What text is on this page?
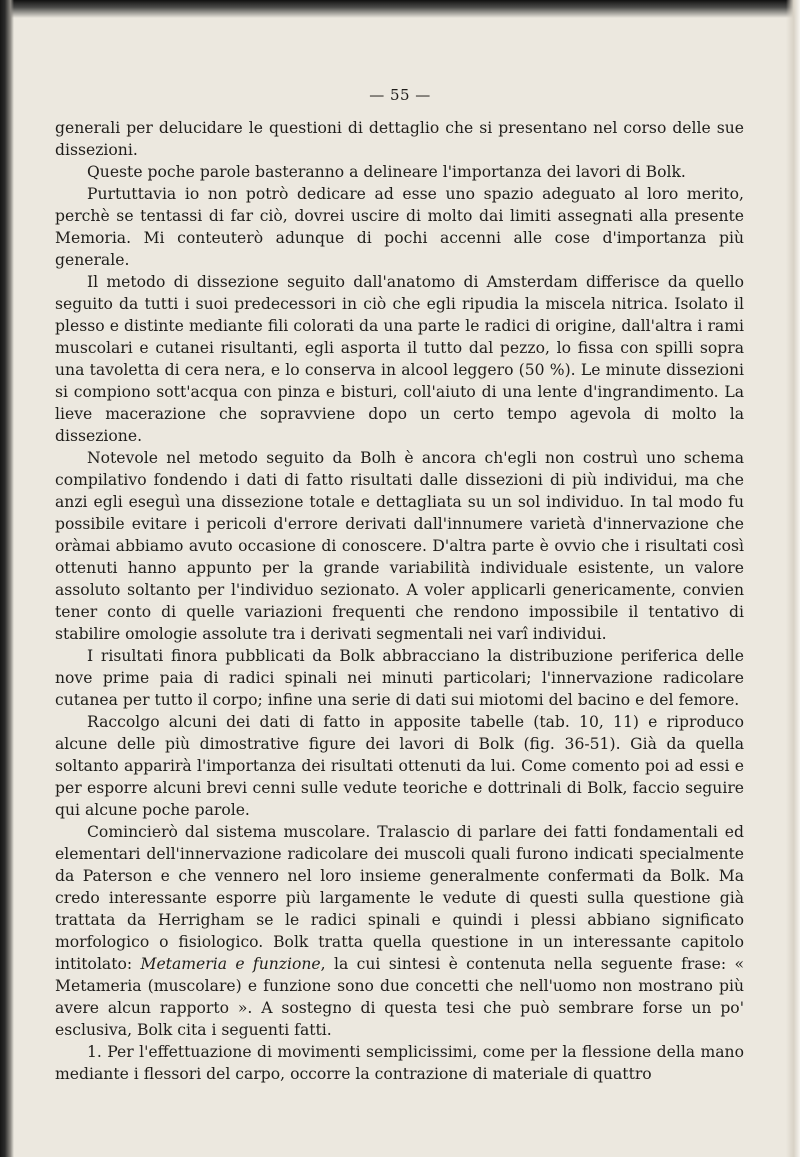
— 55 —

generali per delucidare le questioni di dettaglio che si presentano nel corso delle sue dissezioni.

Queste poche parole basteranno a delineare l'importanza dei lavori di Bolk.

Purtuttavia io non potrò dedicare ad esse uno spazio adeguato al loro merito, perchè se tentassi di far ciò, dovrei uscire di molto dai limiti assegnati alla presente Memoria. Mi conteuterò adunque di pochi accenni alle cose d'importanza più generale.

Il metodo di dissezione seguito dall'anatomo di Amsterdam differisce da quello seguito da tutti i suoi predecessori in ciò che egli ripudia la miscela nitrica. Isolato il plesso e distinte mediante fili colorati da una parte le radici di origine, dall'altra i rami muscolari e cutanei risultanti, egli asporta il tutto dal pezzo, lo fissa con spilli sopra una tavoletta di cera nera, e lo conserva in alcool leggero (50 %). Le minute dissezioni si compiono sott'acqua con pinza e bisturi, coll'aiuto di una lente d'ingrandimento. La lieve macerazione che sopravviene dopo un certo tempo agevola di molto la dissezione.

Notevole nel metodo seguito da Bolh è ancora ch'egli non costruì uno schema compilativo fondendo i dati di fatto risultati dalle dissezioni di più individui, ma che anzi egli eseguì una dissezione totale e dettagliata su un sol individuo. In tal modo fu possibile evitare i pericoli d'errore derivati dall'innumere varietà d'innervazione che oràmai abbiamo avuto occasione di conoscere. D'altra parte è ovvio che i risultati così ottenuti hanno appunto per la grande variabilità individuale esistente, un valore assoluto soltanto per l'individuo sezionato. A voler applicarli genericamente, convien tener conto di quelle variazioni frequenti che rendono impossibile il tentativo di stabilire omologie assolute tra i derivati segmentali nei varî individui.

I risultati finora pubblicati da Bolk abbracciano la distribuzione periferica delle nove prime paia di radici spinali nei minuti particolari; l'innervazione radicolare cutanea per tutto il corpo; infine una serie di dati sui miotomi del bacino e del femore.

Raccolgo alcuni dei dati di fatto in apposite tabelle (tab. 10, 11) e riproduco alcune delle più dimostrative figure dei lavori di Bolk (fig. 36-51). Già da quella soltanto apparirà l'importanza dei risultati ottenuti da lui. Come comento poi ad essi e per esporre alcuni brevi cenni sulle vedute teoriche e dottrinali di Bolk, faccio seguire qui alcune poche parole.

Comincierò dal sistema muscolare. Tralascio di parlare dei fatti fondamentali ed elementari dell'innervazione radicolare dei muscoli quali furono indicati specialmente da Paterson e che vennero nel loro insieme generalmente confermati da Bolk. Ma credo interessante esporre più largamente le vedute di questi sulla questione già trattata da Herrigham se le radici spinali e quindi i plessi abbiano significato morfologico o fisiologico. Bolk tratta quella questione in un interessante capitolo intitolato: Metameria e funzione, la cui sintesi è contenuta nella seguente frase: « Metameria (muscolare) e funzione sono due concetti che nell'uomo non mostrano più avere alcun rapporto ». A sostegno di questa tesi che può sembrare forse un po' esclusiva, Bolk cita i seguenti fatti.

1. Per l'effettuazione di movimenti semplicissimi, come per la flessione della mano mediante i flessori del carpo, occorre la contrazione di materiale di quattro
